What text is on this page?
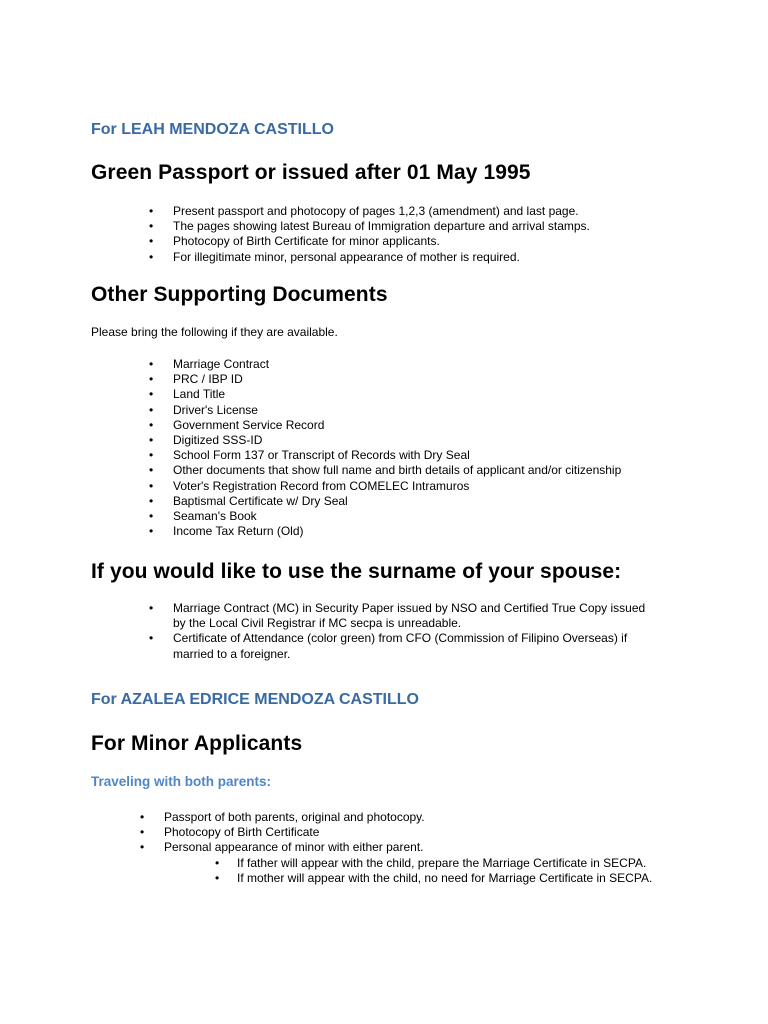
For LEAH MENDOZA CASTILLO
Green Passport or issued after 01 May 1995
• Present passport and photocopy of pages 1,2,3 (amendment) and last page.
• The pages showing latest Bureau of Immigration departure and arrival stamps.
• Photocopy of Birth Certificate for minor applicants.
• For illegitimate minor, personal appearance of mother is required.
Other Supporting Documents

Please bring the following if they are available.

• Marriage Contract
• PRC / IBP ID
• Land Title
• Driver's License
• Government Service Record
• Digitized SSS-ID
• School Form 137 or Transcript of Records with Dry Seal
• Other documents that show full name and birth details of applicant and/or citizenship
• Voter's Registration Record from COMELEC Intramuros
• Baptismal Certificate w/ Dry Seal
• Seaman's Book
• Income Tax Return (Old)
If you would like to use the surname of your spouse:
• Marriage Contract (MC) in Security Paper issued by NSO and Certified True Copy issued
by the Local Civil Registrar if MC secpa is unreadable.
• Certificate of Attendance (color green) from CFO (Commission of Filipino Overseas) if
married to a foreigner.
For AZALEA EDRICE MENDOZA CASTILLO
For Minor Applicants
Traveling with both parents:
• Passport of both parents, original and photocopy.
• Photocopy of Birth Certificate
• Personal appearance of minor with either parent.
• If father will appear with the child, prepare the Marriage Certificate in SECPA.
• If mother will appear with the child, no need for Marriage Certificate in SECPA.
